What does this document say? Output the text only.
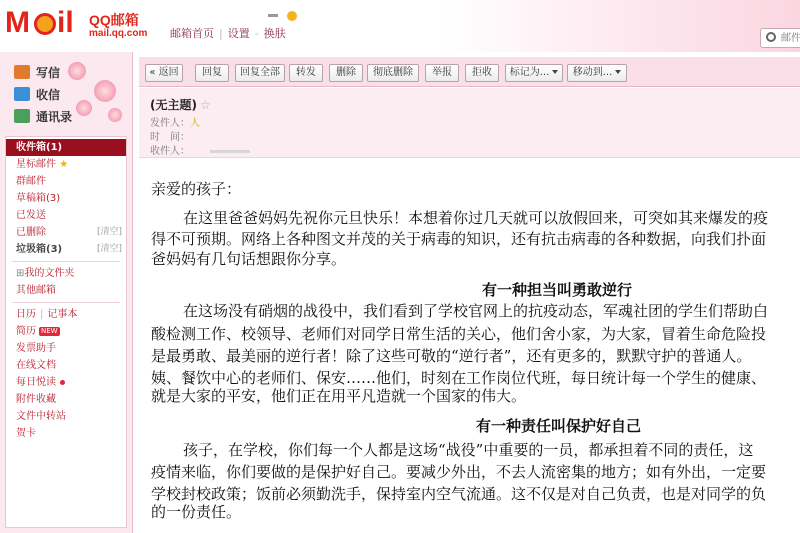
M il QQ邮箱
mail.qq.com 邮箱首页 | 设置 - 换肤
邮件
写信
收信
通讯录
收件箱(1)
星标邮件 ★
群邮件
草稿箱(3)
已发送
已删除	[清空]
垃圾箱(3)	[清空]
⊞我的文件夹
其他邮箱
日历 | 记事本
简历 NEW
发票助手
在线文档
每日悦读
附件收藏
文件中转站
贺卡
« 返回	回复	回复全部	转发	删除	彻底删除	举报	拒收	标记为...	移动到...
(无主题) ☆
发件人：人
时　间：
收件人：
亲爱的孩子：
在这里爸爸妈妈先祝你元旦快乐！本想着你过几天就可以放假回来，可突如其来爆发的疫
得不可预期。网络上各种图文并茂的关于病毒的知识，还有抗击病毒的各种数据，向我们扑面
爸妈妈有几句话想跟你分享。
有一种担当叫勇敢逆行
在这场没有硝烟的战役中，我们看到了学校官网上的抗疫动态，军魂社团的学生们帮助白
酸检测工作、校领导、老师们对同学日常生活的关心，他们舍小家，为大家，冒着生命危险投
是最勇敢、最美丽的逆行者！除了这些可敬的“逆行者”，还有更多的，默默守护的普通人。
姨、餐饮中心的老师们、保安……他们，时刻在工作岗位代班，每日统计每一个学生的健康、
就是大家的平安，他们正在用平凡造就一个国家的伟大。
有一种责任叫保护好自己
孩子，在学校，你们每一个人都是这场“战役”中重要的一员，都承担着不同的责任，这
疫情来临，你们要做的是保护好自己。要减少外出，不去人流密集的地方；如有外出，一定要
学校封校政策；饭前必须勤洗手，保持室内空气流通。这不仅是对自己负责，也是对同学的负
的一份责任。
